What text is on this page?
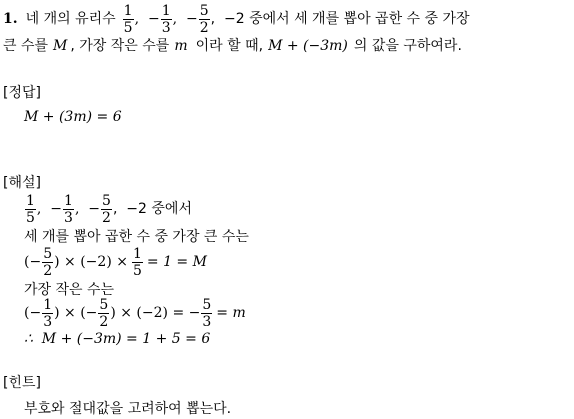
1. 네 개의 유리수 $\frac{1}{5}$ ,  − $\frac{1}{3}$ ,  − $\frac{5}{2}$ ,  −2 중에서 세 개를 뽑아 곱한 수 중 가장
큰 수를 M , 가장 작은 수를 m 이라 할 때, M + (−3m) 의 값을 구하여라.
[정답]
M + (3m) = 6
[해설]
$\frac{1}{5}$ ,  − $\frac{1}{3}$ ,  − $\frac{5}{2}$ ,  −2 중에서
세 개를 뽑아 곱한 수 중 가장 큰 수는
(− $\frac{5}{2}$ ) × $(-2) \times \frac{1}{5} = 1 = M$
가장 작은 수는
(− $\frac{1}{3}$ ) × (− $\frac{5}{2}$ ) × (−2) = − $\frac{5}{3} = m$
∴  M + (−3m) = 1 + 5 = 6
[힌트]
부호와 절대값을 고려하여 뽑는다.
